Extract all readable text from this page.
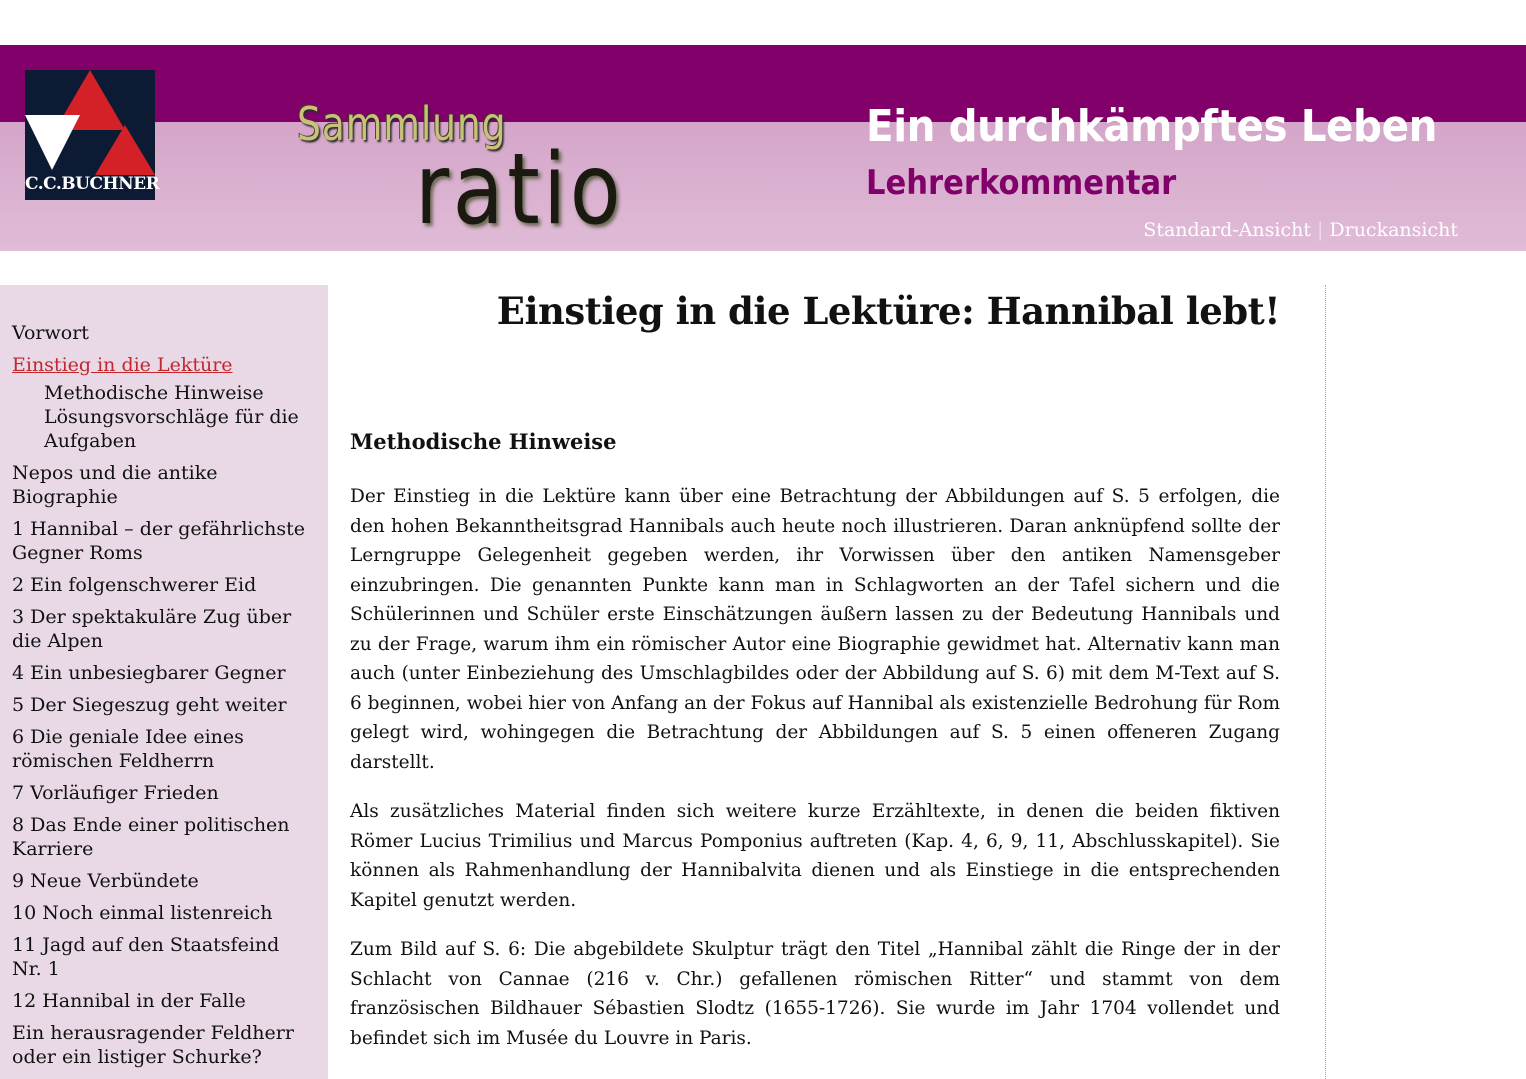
C.C.BUCHNER
Sammlung
ratio
Ein durchkämpftes Leben
Lehrerkommentar
Standard-Ansicht | Druckansicht
Vorwort
Einstieg in die Lektüre
Methodische Hinweise
Lösungsvorschläge für die Aufgaben
Nepos und die antike Biographie
1 Hannibal – der gefährlichste Gegner Roms
2 Ein folgenschwerer Eid
3 Der spektakuläre Zug über die Alpen
4 Ein unbesiegbarer Gegner
5 Der Siegeszug geht weiter
6 Die geniale Idee eines römischen Feldherrn
7 Vorläufiger Frieden
8 Das Ende einer politischen Karriere
9 Neue Verbündete
10 Noch einmal listenreich
11 Jagd auf den Staatsfeind Nr. 1
12 Hannibal in der Falle
Ein herausragender Feldherr oder ein listiger Schurke?
Einstieg in die Lektüre: Hannibal lebt!
Methodische Hinweise

Der Einstieg in die Lektüre kann über eine Betrachtung der Abbildungen auf S. 5 erfolgen, die den hohen Bekanntheitsgrad Hannibals auch heute noch illustrieren. Daran anknüpfend sollte der Lerngruppe Gelegenheit gegeben werden, ihr Vorwissen über den antiken Namensgeber einzubringen. Die genannten Punkte kann man in Schlagworten an der Tafel sichern und die Schülerinnen und Schüler erste Einschätzungen äußern lassen zu der Bedeutung Hannibals und zu der Frage, warum ihm ein römischer Autor eine Biographie gewidmet hat. Alternativ kann man auch (unter Einbeziehung des Umschlagbildes oder der Abbildung auf S. 6) mit dem M-Text auf S. 6 beginnen, wobei hier von Anfang an der Fokus auf Hannibal als existenzielle Bedrohung für Rom gelegt wird, wohingegen die Betrachtung der Abbildungen auf S. 5 einen offeneren Zugang darstellt.

Als zusätzliches Material finden sich weitere kurze Erzähltexte, in denen die beiden fiktiven Römer Lucius Trimilius und Marcus Pomponius auftreten (Kap. 4, 6, 9, 11, Abschlusskapitel). Sie können als Rahmenhandlung der Hannibalvita dienen und als Einstiege in die entsprechenden Kapitel genutzt werden.

Zum Bild auf S. 6: Die abgebildete Skulptur trägt den Titel „Hannibal zählt die Ringe der in der Schlacht von Cannae (216 v. Chr.) gefallenen römischen Ritter“ und stammt von dem französischen Bildhauer Sébastien Slodtz (1655-1726). Sie wurde im Jahr 1704 vollendet und befindet sich im Musée du Louvre in Paris.
